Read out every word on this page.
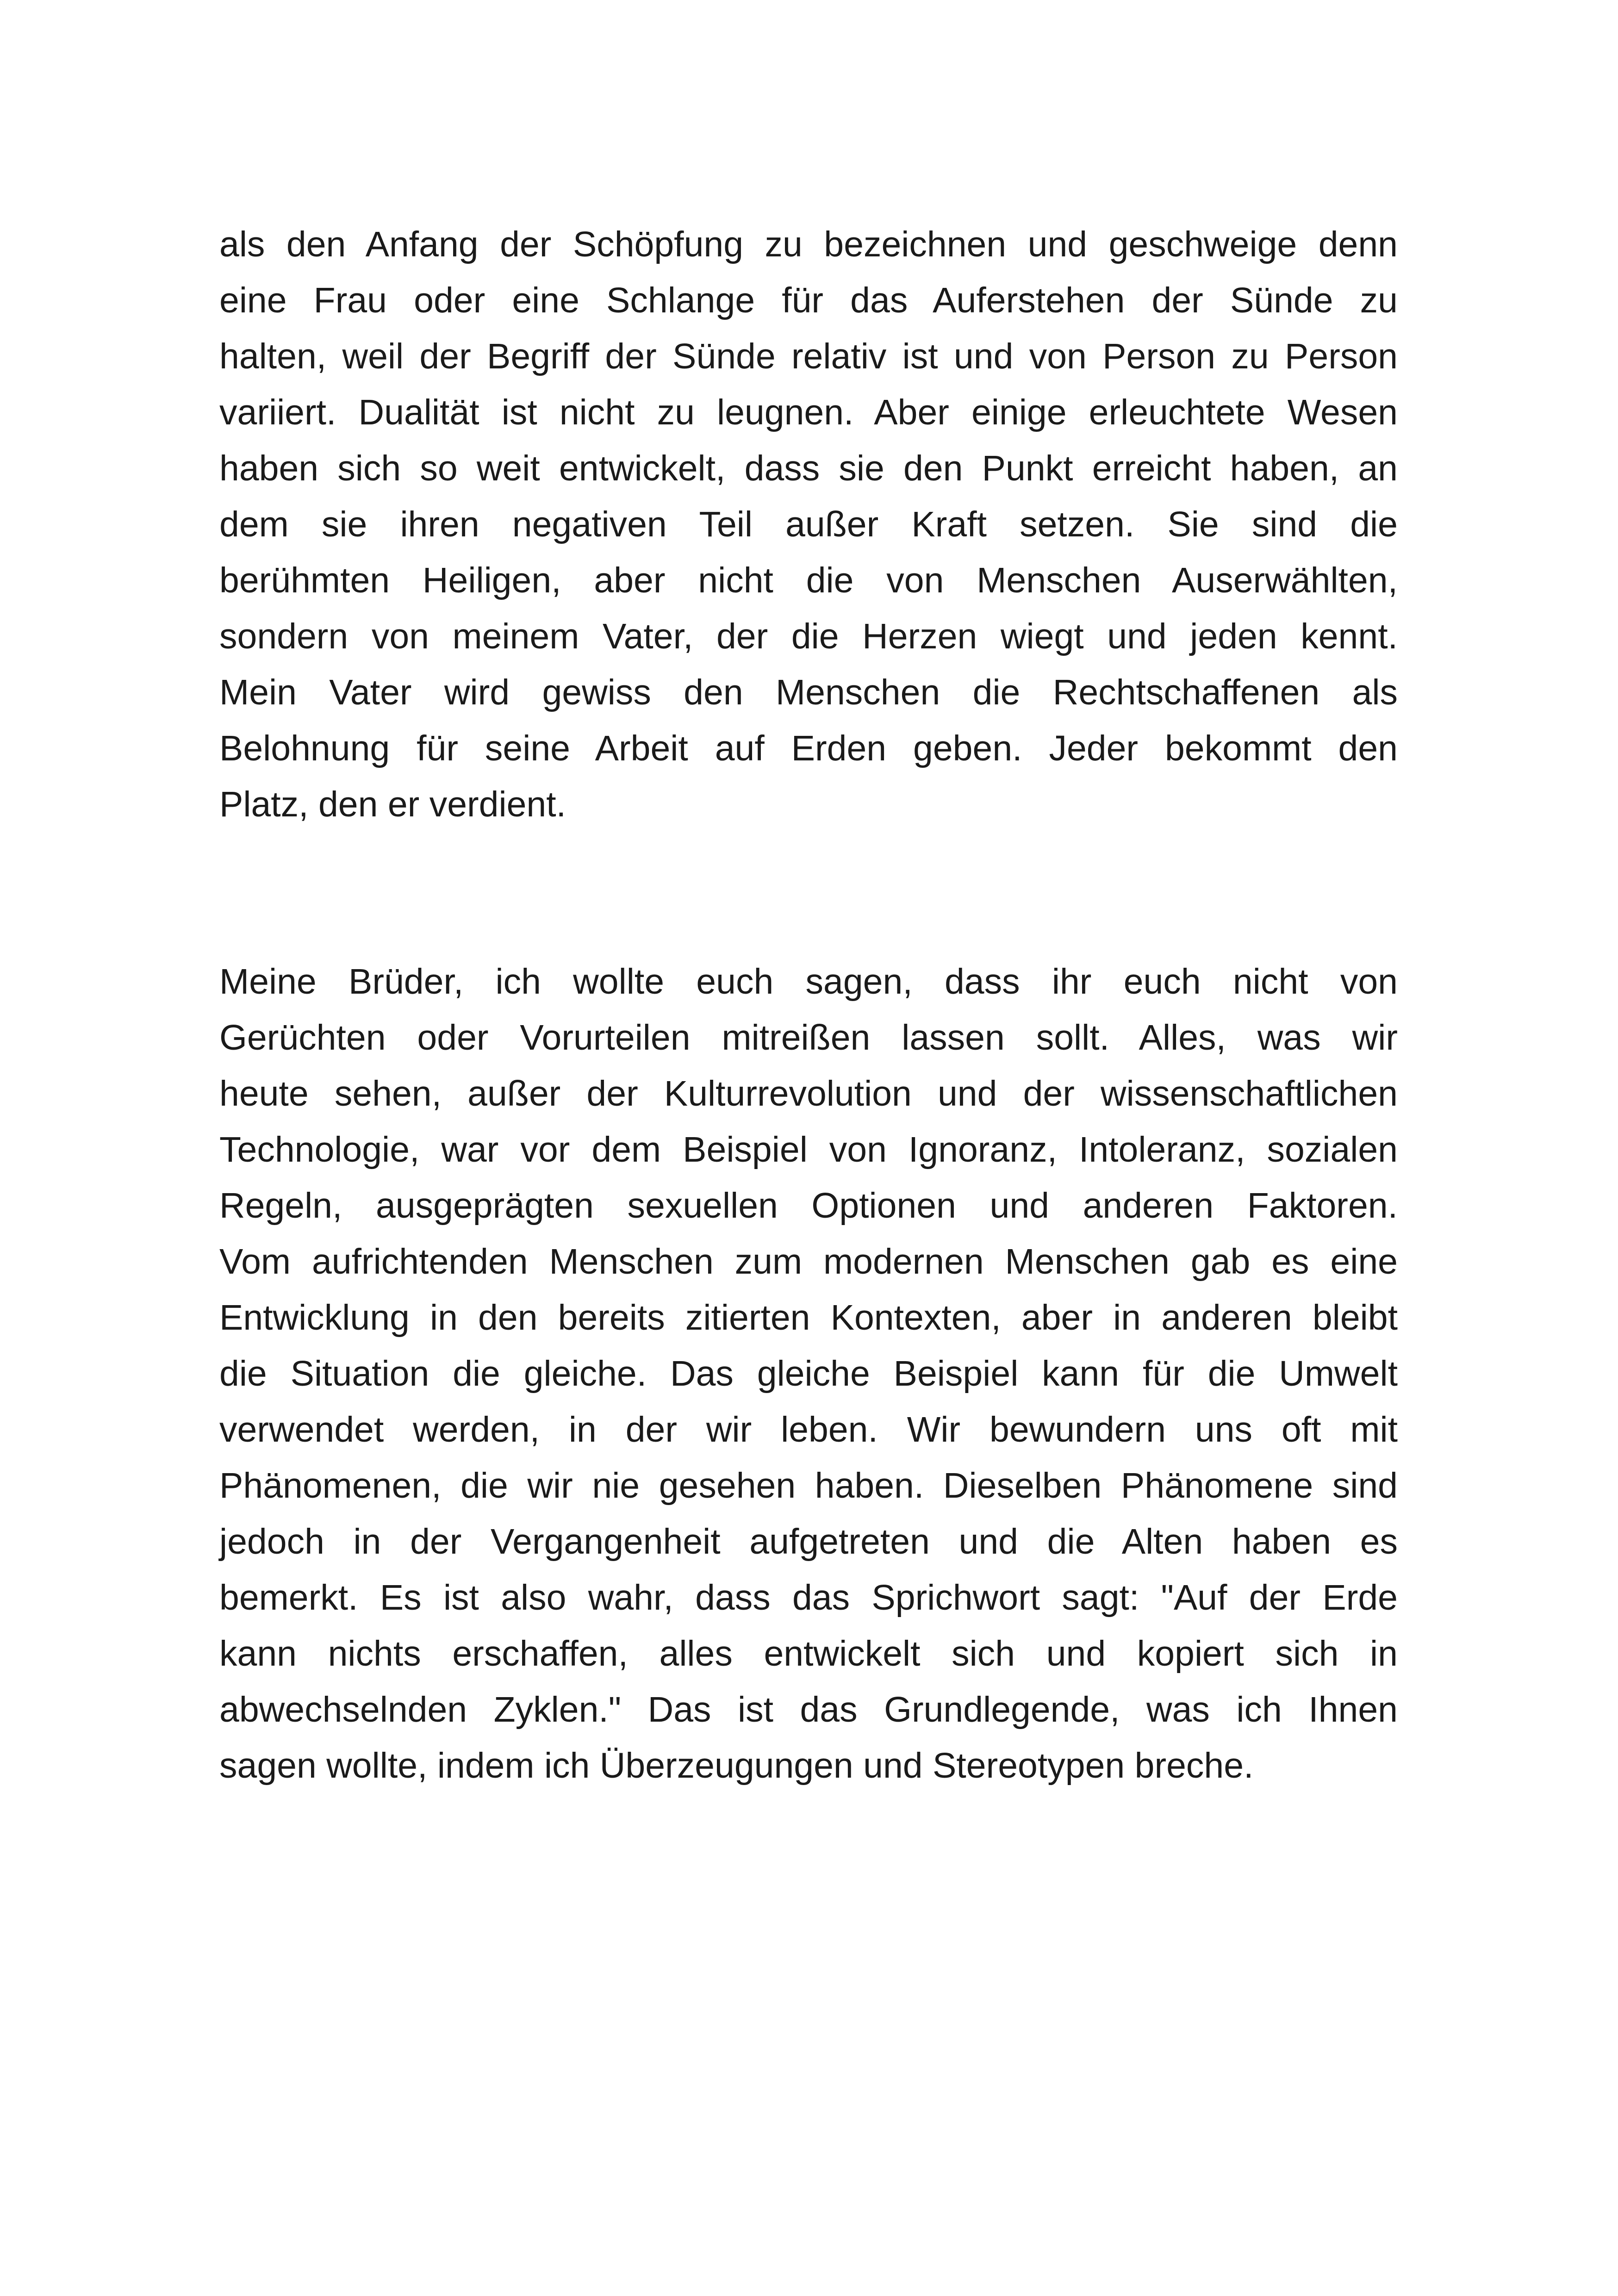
als den Anfang der Schöpfung zu bezeichnen und geschweige denn
eine Frau oder eine Schlange für das Auferstehen der Sünde zu
halten, weil der Begriff der Sünde relativ ist und von Person zu Person
variiert. Dualität ist nicht zu leugnen. Aber einige erleuchtete Wesen
haben sich so weit entwickelt, dass sie den Punkt erreicht haben, an
dem sie ihren negativen Teil außer Kraft setzen. Sie sind die
berühmten Heiligen, aber nicht die von Menschen Auserwählten,
sondern von meinem Vater, der die Herzen wiegt und jeden kennt.
Mein Vater wird gewiss den Menschen die Rechtschaffenen als
Belohnung für seine Arbeit auf Erden geben. Jeder bekommt den
Platz, den er verdient.
Meine Brüder, ich wollte euch sagen, dass ihr euch nicht von
Gerüchten oder Vorurteilen mitreißen lassen sollt. Alles, was wir
heute sehen, außer der Kulturrevolution und der wissenschaftlichen
Technologie, war vor dem Beispiel von Ignoranz, Intoleranz, sozialen
Regeln, ausgeprägten sexuellen Optionen und anderen Faktoren.
Vom aufrichtenden Menschen zum modernen Menschen gab es eine
Entwicklung in den bereits zitierten Kontexten, aber in anderen bleibt
die Situation die gleiche. Das gleiche Beispiel kann für die Umwelt
verwendet werden, in der wir leben. Wir bewundern uns oft mit
Phänomenen, die wir nie gesehen haben. Dieselben Phänomene sind
jedoch in der Vergangenheit aufgetreten und die Alten haben es
bemerkt. Es ist also wahr, dass das Sprichwort sagt: "Auf der Erde
kann nichts erschaffen, alles entwickelt sich und kopiert sich in
abwechselnden Zyklen." Das ist das Grundlegende, was ich Ihnen
sagen wollte, indem ich Überzeugungen und Stereotypen breche.
